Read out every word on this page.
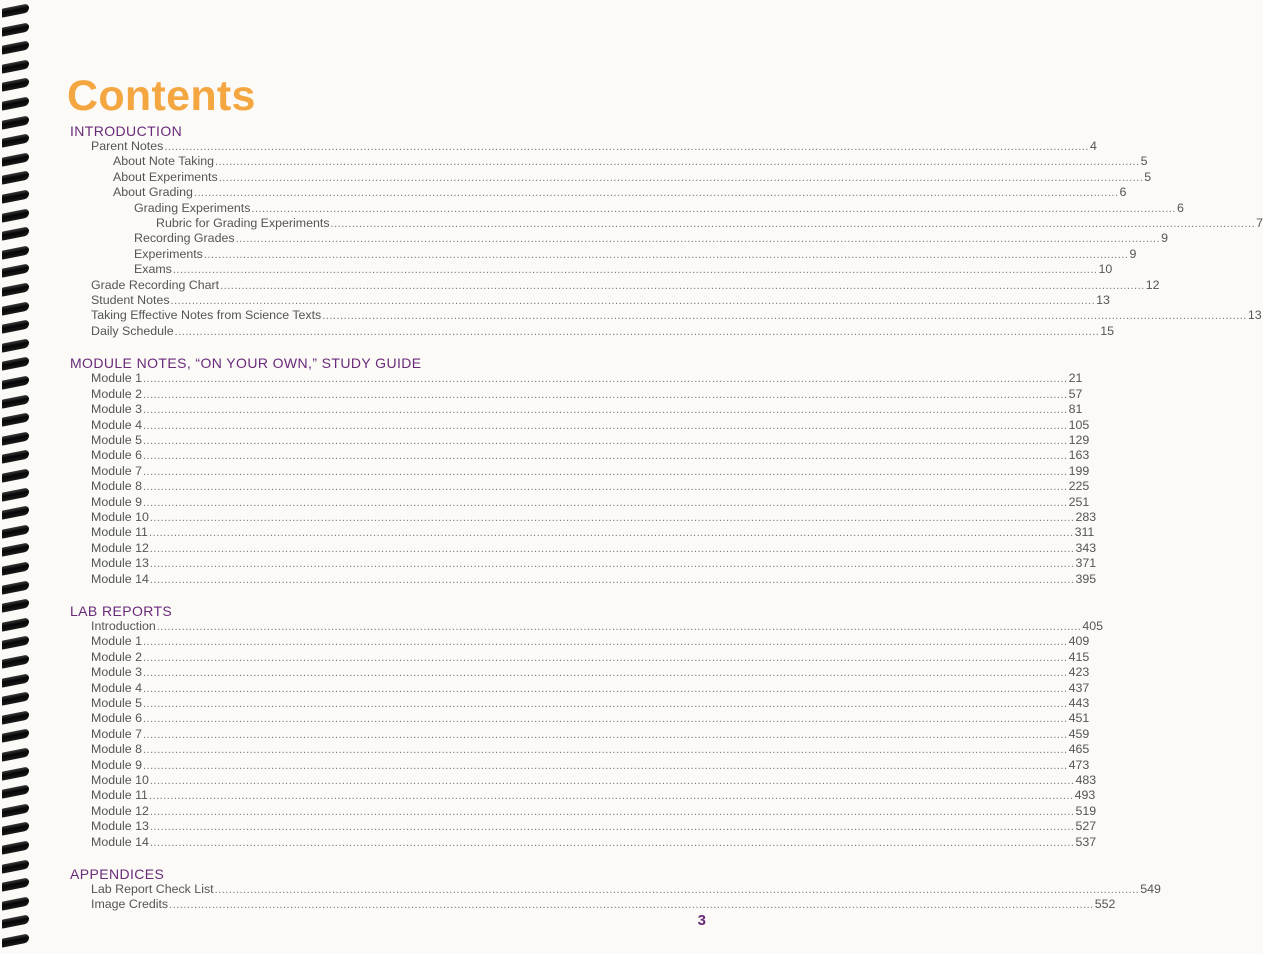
Contents
INTRODUCTION
Parent Notes .................................................................................................................................................................................................................................................................... 4
About Note Taking .................................................................................................................................................................................................................................................................... 5
About Experiments .................................................................................................................................................................................................................................................................... 5
About Grading .................................................................................................................................................................................................................................................................... 6
Grading Experiments .................................................................................................................................................................................................................................................................... 6
Rubric for Grading Experiments .................................................................................................................................................................................................................................................................... 7
Recording Grades .................................................................................................................................................................................................................................................................... 9
Experiments .................................................................................................................................................................................................................................................................... 9
Exams .................................................................................................................................................................................................................................................................... 10
Grade Recording Chart .................................................................................................................................................................................................................................................................... 12
Student Notes .................................................................................................................................................................................................................................................................... 13
Taking Effective Notes from Science Texts .................................................................................................................................................................................................................................................................... 13
Daily Schedule .................................................................................................................................................................................................................................................................... 15
MODULE NOTES, “ON YOUR OWN,” STUDY GUIDE
Module 1 .................................................................................................................................................................................................................................................................... 21
Module 2 .................................................................................................................................................................................................................................................................... 57
Module 3 .................................................................................................................................................................................................................................................................... 81
Module 4 .................................................................................................................................................................................................................................................................... 105
Module 5 .................................................................................................................................................................................................................................................................... 129
Module 6 .................................................................................................................................................................................................................................................................... 163
Module 7 .................................................................................................................................................................................................................................................................... 199
Module 8 .................................................................................................................................................................................................................................................................... 225
Module 9 .................................................................................................................................................................................................................................................................... 251
Module 10 .................................................................................................................................................................................................................................................................... 283
Module 11 .................................................................................................................................................................................................................................................................... 311
Module 12 .................................................................................................................................................................................................................................................................... 343
Module 13 .................................................................................................................................................................................................................................................................... 371
Module 14 .................................................................................................................................................................................................................................................................... 395
LAB REPORTS
Introduction .................................................................................................................................................................................................................................................................... 405
Module 1 .................................................................................................................................................................................................................................................................... 409
Module 2 .................................................................................................................................................................................................................................................................... 415
Module 3 .................................................................................................................................................................................................................................................................... 423
Module 4 .................................................................................................................................................................................................................................................................... 437
Module 5 .................................................................................................................................................................................................................................................................... 443
Module 6 .................................................................................................................................................................................................................................................................... 451
Module 7 .................................................................................................................................................................................................................................................................... 459
Module 8 .................................................................................................................................................................................................................................................................... 465
Module 9 .................................................................................................................................................................................................................................................................... 473
Module 10 .................................................................................................................................................................................................................................................................... 483
Module 11 .................................................................................................................................................................................................................................................................... 493
Module 12 .................................................................................................................................................................................................................................................................... 519
Module 13 .................................................................................................................................................................................................................................................................... 527
Module 14 .................................................................................................................................................................................................................................................................... 537
APPENDICES
Lab Report Check List .................................................................................................................................................................................................................................................................... 549
Image Credits .................................................................................................................................................................................................................................................................... 552
3
